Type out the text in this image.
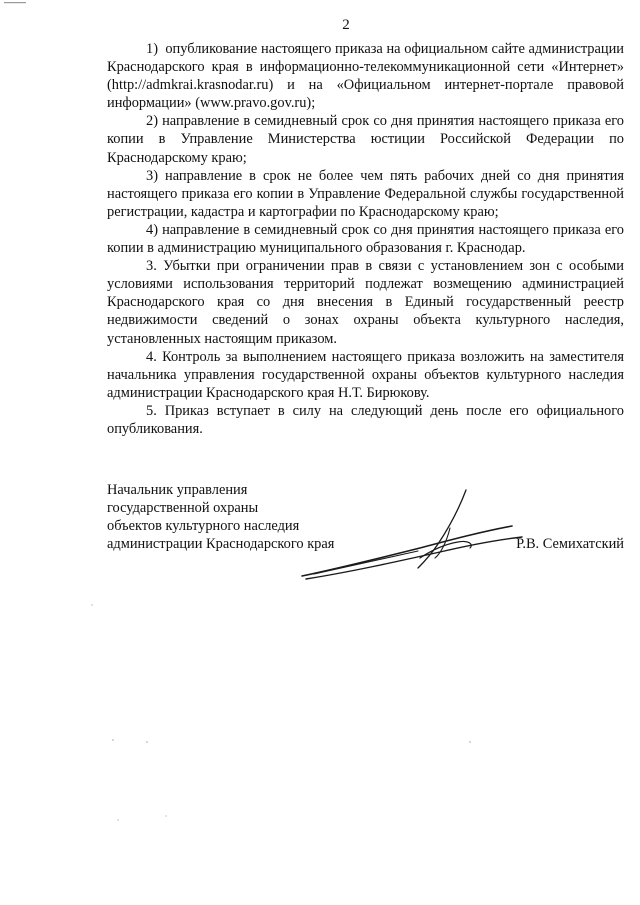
2

1)  опубликование настоящего приказа на официальном сайте администрации Краснодарского края в информационно-телекоммуникационной сети «Интернет» (http://admkrai.krasnodar.ru) и на «Официальном интернет-портале правовой информации» (www.pravo.gov.ru);

2) направление в семидневный срок со дня принятия настоящего приказа его копии в Управление Министерства юстиции Российской Федерации по Краснодарскому краю;

3) направление в срок не более чем пять рабочих дней со дня принятия настоящего приказа его копии в Управление Федеральной службы государственной регистрации, кадастра и картографии по Краснодарскому краю;

4) направление в семидневный срок со дня принятия настоящего приказа его копии в администрацию муниципального образования г. Краснодар.

3. Убытки при ограничении прав в связи с установлением зон с особыми условиями использования территорий подлежат возмещению администрацией Краснодарского края со дня внесения в Единый государственный реестр недвижимости сведений о зонах охраны объекта культурного наследия, установленных настоящим приказом.

4. Контроль за выполнением настоящего приказа возложить на заместителя начальника управления государственной охраны объектов культурного наследия администрации Краснодарского края Н.Т. Бирюкову.

5. Приказ вступает в силу на следующий день после его официального опубликования.

Начальник управления
государственной охраны
объектов культурного наследия
администрации Краснодарского края	Р.В. Семихатский
